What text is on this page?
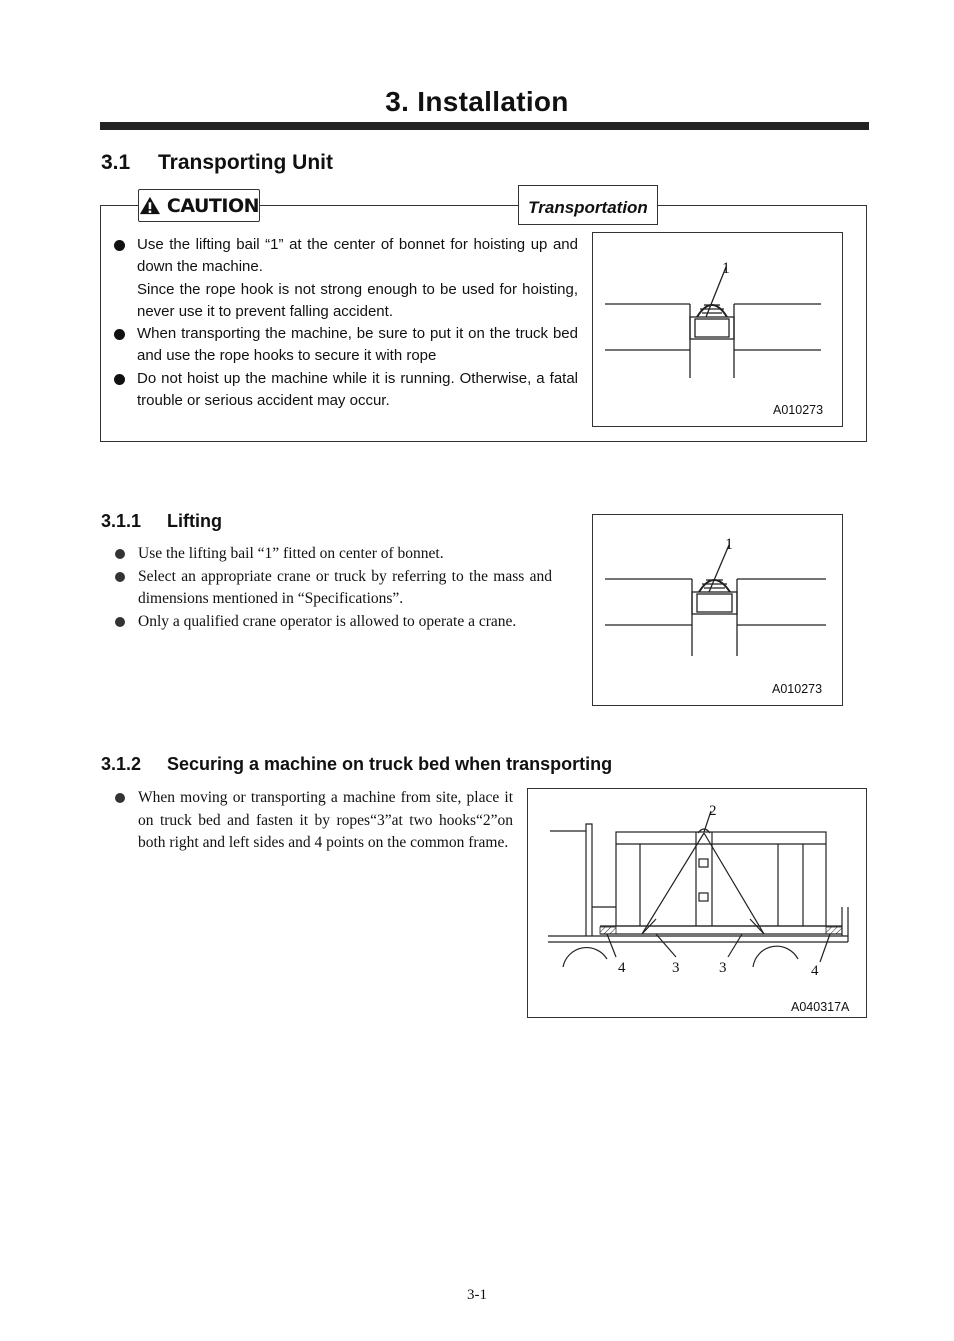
3. Installation
3.1 Transporting Unit
CAUTION	Transportation
Use the lifting bail “1” at the center of bonnet for hoisting up and down the machine.
Since the rope hook is not strong enough to be used for hoisting, never use it to prevent falling accident.
When transporting the machine, be sure to put it on the truck bed and use the rope hooks to secure it with rope
Do not hoist up the machine while it is running. Otherwise, a fatal trouble or serious accident may occur.
1
A010273
3.1.1 Lifting
Use the lifting bail “1” fitted on center of bonnet.
Select an appropriate crane or truck by referring to the mass and dimensions mentioned in “Specifications”.
Only a qualified crane operator is allowed to operate a crane.
1
A010273
3.1.2 Securing a machine on truck bed when transporting
When moving or transporting a machine from site, place it on truck bed and fasten it by ropes“3”at two hooks“2”on both right and left sides and 4 points on the common frame.
2
3	3
4	4
A040317A
3-1
